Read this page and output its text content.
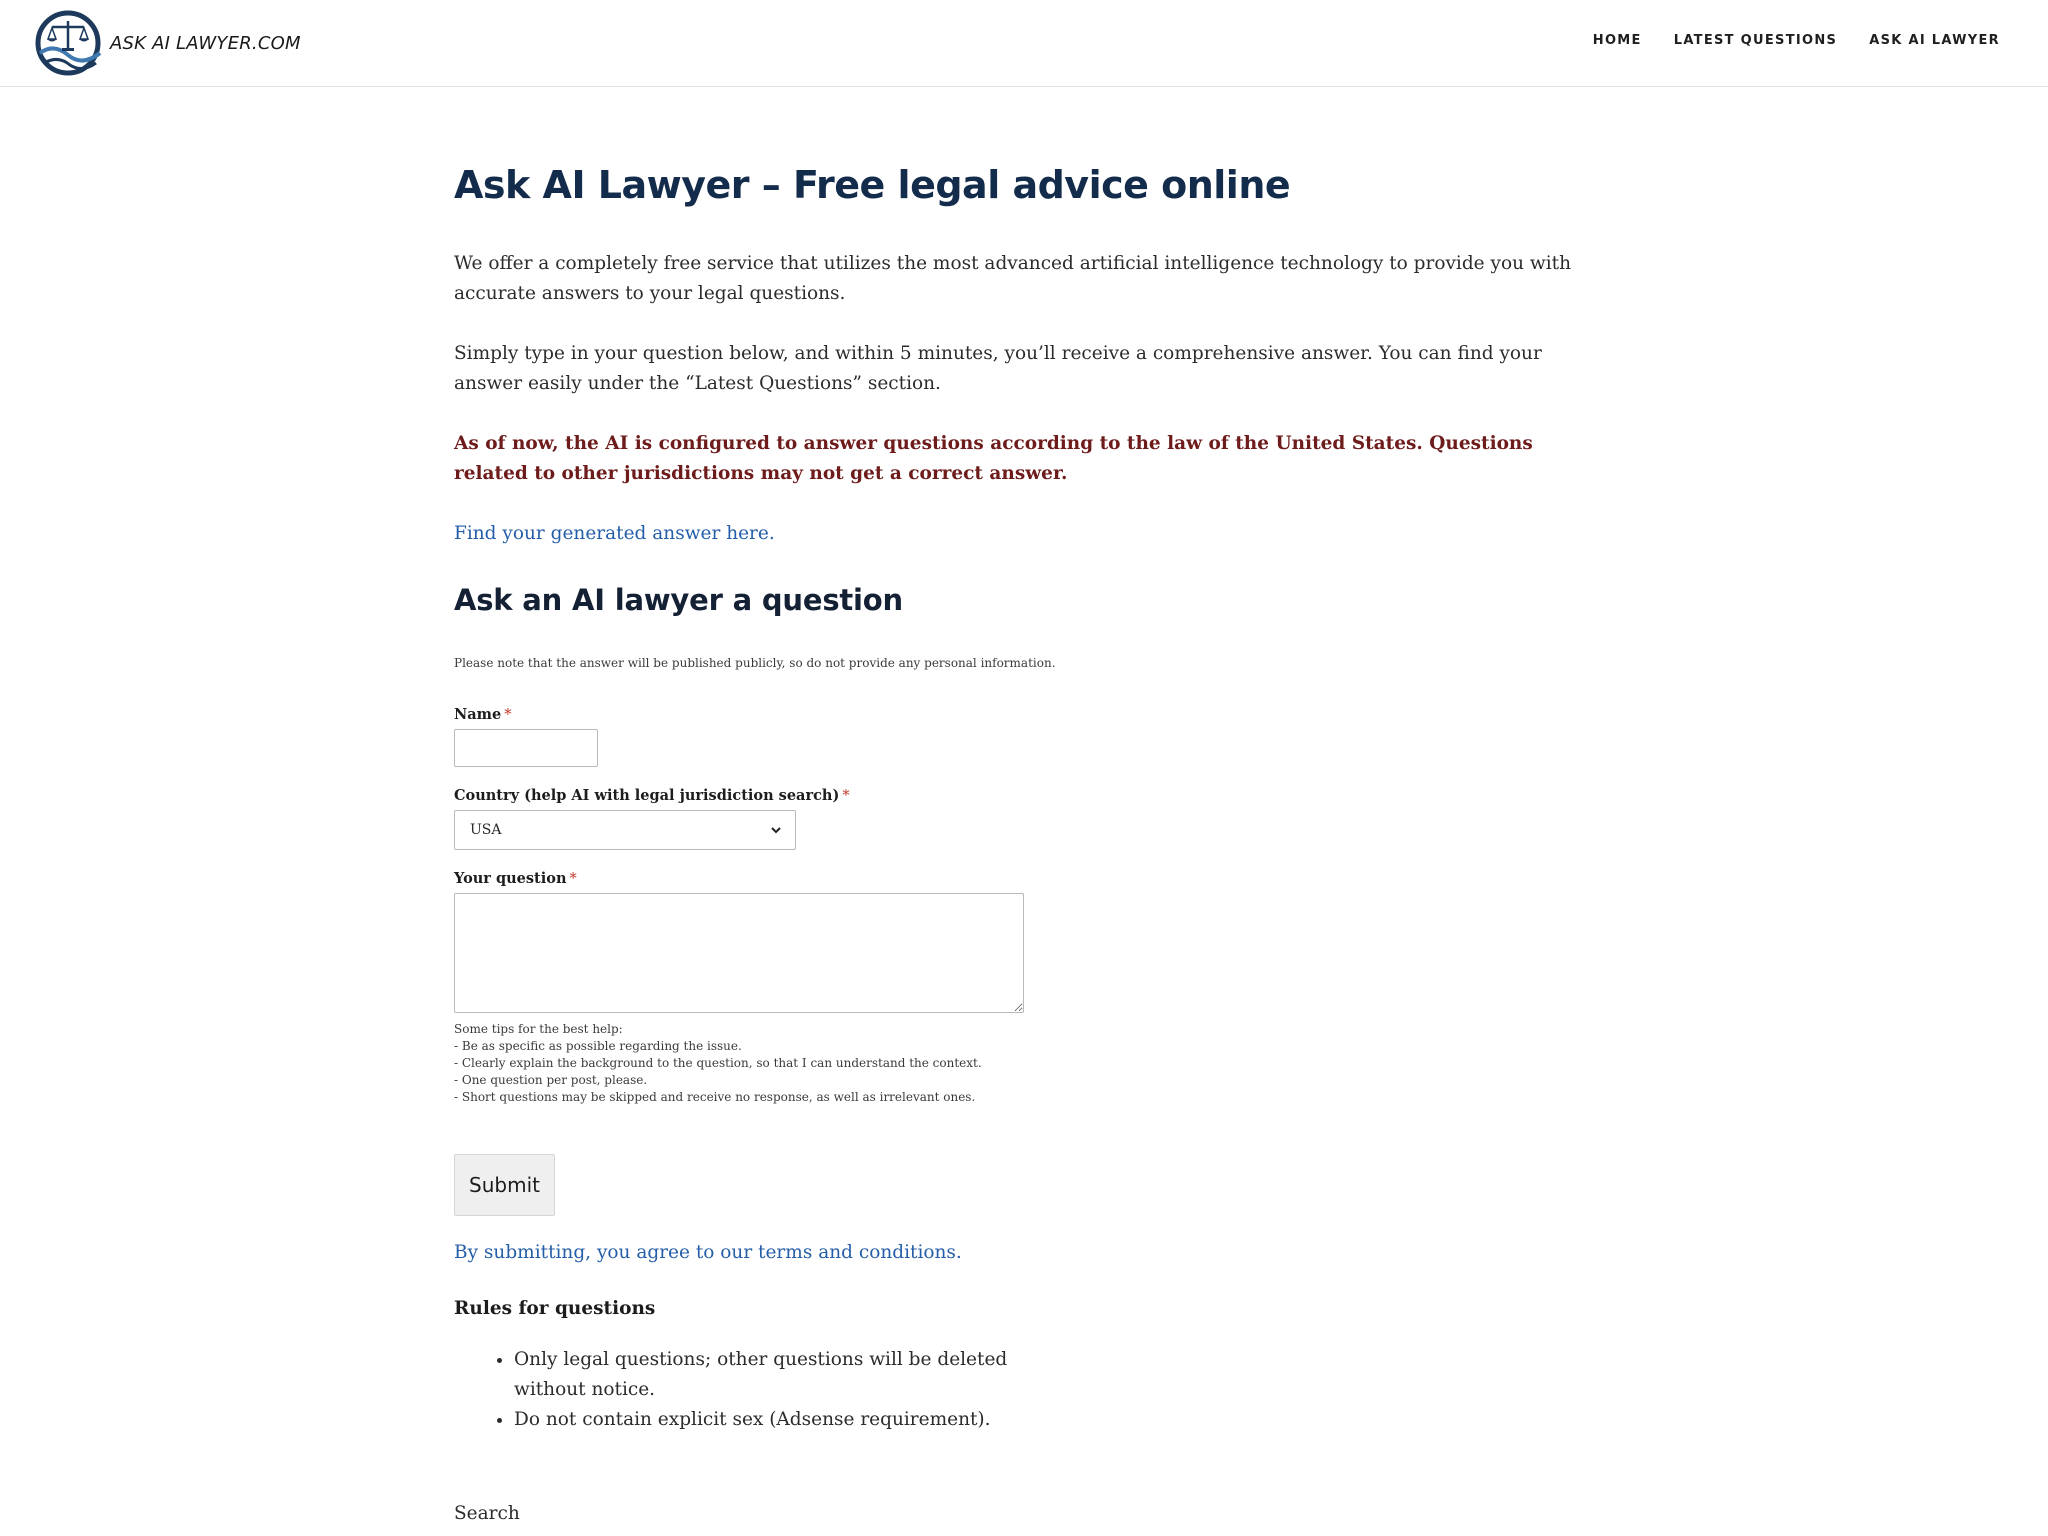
ASK AI LAWYER.COM	HOME LATEST QUESTIONS ASK AI LAWYER
Ask AI Lawyer – Free legal advice online

We offer a completely free service that utilizes the most advanced artificial intelligence technology to provide you with accurate answers to your legal questions.

Simply type in your question below, and within 5 minutes, you’ll receive a comprehensive answer. You can find your answer easily under the “Latest Questions” section.

As of now, the AI is configured to answer questions according to the law of the United States. Questions related to other jurisdictions may not get a correct answer.

Find your generated answer here.
Ask an AI lawyer a question

Please note that the answer will be published publicly, so do not provide any personal information.

Name *
Country (help AI with legal jurisdiction search) *
USA
Your question *
Some tips for the best help:
- Be as specific as possible regarding the issue.
- Clearly explain the background to the question, so that I can understand the context.
- One question per post, please.
- Short questions may be skipped and receive no response, as well as irrelevant ones.
Submit
By submitting, you agree to our terms and conditions.
Rules for questions
• Only legal questions; other questions will be deleted without notice.
• Do not contain explicit sex (Adsense requirement).
Search
